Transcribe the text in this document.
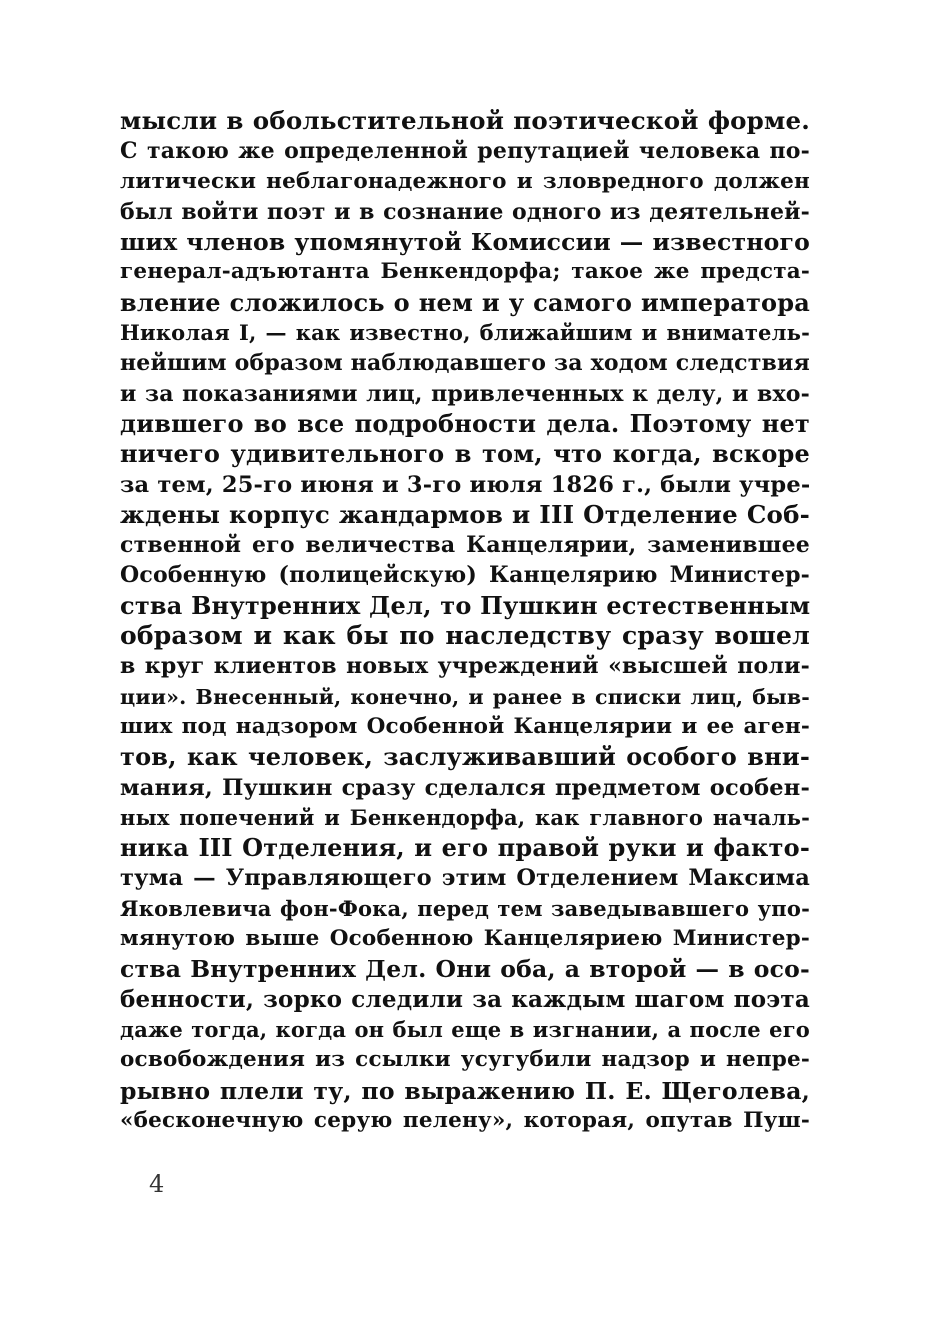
мысли в обольстительной поэтической форме.
С такою же определенной репутацией человека по-
литически неблагонадежного и зловредного должен
был войти поэт и в сознание одного из деятельней-
ших членов упомянутой Комиссии — известного
генерал-адъютанта Бенкендорфа; такое же предста-
вление сложилось о нем и у самого императора
Николая I, — как известно, ближайшим и вниматель-
нейшим образом наблюдавшего за ходом следствия
и за показаниями лиц, привлеченных к делу, и вхо-
дившего во все подробности дела. Поэтому нет
ничего удивительного в том, что когда, вскоре
за тем, 25-го июня и 3-го июля 1826 г., были учре-
ждены корпус жандармов и III Отделение Соб-
ственной его величества Канцелярии, заменившее
Особенную (полицейскую) Канцелярию Министер-
ства Внутренних Дел, то Пушкин естественным
образом и как бы по наследству сразу вошел
в круг клиентов новых учреждений «высшей поли-
ции». Внесенный, конечно, и ранее в списки лиц, быв-
ших под надзором Особенной Канцелярии и ее аген-
тов, как человек, заслуживавший особого вни-
мания, Пушкин сразу сделался предметом особен-
ных попечений и Бенкендорфа, как главного началь-
ника III Отделения, и его правой руки и факто-
тума — Управляющего этим Отделением Максима
Яковлевича фон-Фока, перед тем заведывавшего упо-
мянутою выше Особенною Канцеляриею Министер-
ства Внутренних Дел. Они оба, а второй — в осо-
бенности, зорко следили за каждым шагом поэта
даже тогда, когда он был еще в изгнании, а после его
освобождения из ссылки усугубили надзор и непре-
рывно плели ту, по выражению П. Е. Щеголева,
«бесконечную серую пелену», которая, опутав Пуш-
4
